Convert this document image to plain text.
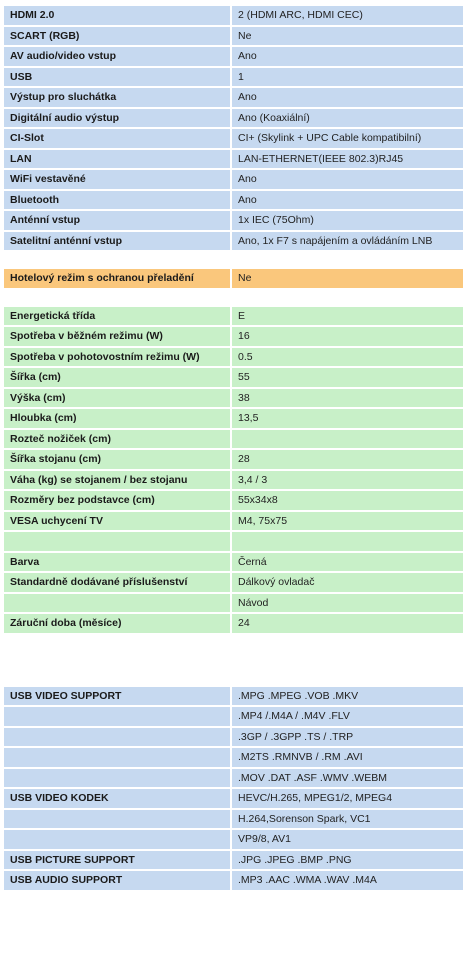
HDMI 2.0	2 (HDMI ARC, HDMI CEC)
SCART (RGB)	Ne
AV audio/video vstup	Ano
USB	1
Výstup pro sluchátka	Ano
Digitální audio výstup	Ano (Koaxiální)
CI-Slot	CI+ (Skylink + UPC Cable kompatibilní)
LAN	LAN-ETHERNET(IEEE 802.3)RJ45
WiFi vestavěné	Ano
Bluetooth	Ano
Anténní vstup	1x IEC (75Ohm)
Satelitní anténní vstup	Ano, 1x F7 s napájením a ovládáním LNB
Hotelový režim s ochranou přeladění	Ne
Energetická třída	E
Spotřeba v běžném režimu (W)	16
Spotřeba v pohotovostním režimu (W)	0.5
Šířka (cm)	55
Výška (cm)	38
Hloubka (cm)	13,5
Rozteč nožiček (cm)	
Šířka stojanu (cm)	28
Váha (kg) se stojanem / bez stojanu	3,4 / 3
Rozměry bez podstavce (cm)	55x34x8
VESA uchycení TV	M4, 75x75

Barva	Černá
Standardně dodávané příslušenství	Dálkový ovladač
	Návod
Záruční doba (měsíce)	24
USB VIDEO SUPPORT	.MPG .MPEG .VOB .MKV
	.MP4 /.M4A / .M4V .FLV
	.3GP / .3GPP .TS / .TRP
	.M2TS .RMNVB / .RM .AVI
	.MOV .DAT .ASF .WMV .WEBM
USB VIDEO KODEK	HEVC/H.265, MPEG1/2, MPEG4
	H.264,Sorenson Spark, VC1
	VP9/8, AV1
USB PICTURE SUPPORT	.JPG .JPEG .BMP .PNG
USB AUDIO SUPPORT	.MP3 .AAC .WMA .WAV .M4A
